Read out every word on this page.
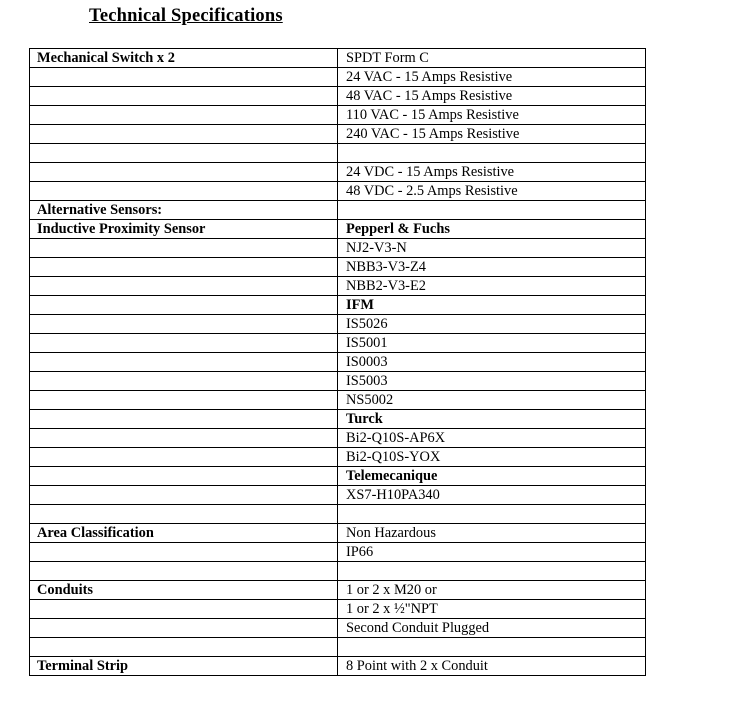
Technical Specifications
Mechanical Switch x 2	SPDT Form C
	24 VAC - 15 Amps Resistive
	48 VAC - 15 Amps Resistive
	110 VAC - 15 Amps Resistive
	240 VAC - 15 Amps Resistive

	24 VDC - 15 Amps Resistive
	48 VDC - 2.5 Amps Resistive
Alternative Sensors:	
Inductive Proximity Sensor	Pepperl & Fuchs
	NJ2-V3-N
	NBB3-V3-Z4
	NBB2-V3-E2
	IFM
	IS5026
	IS5001
	IS0003
	IS5003
	NS5002
	Turck
	Bi2-Q10S-AP6X
	Bi2-Q10S-YOX
	Telemecanique
	XS7-H10PA340

Area Classification	Non Hazardous
	IP66

Conduits	1 or 2 x M20 or
	1 or 2 x ½"NPT
	Second Conduit Plugged

Terminal Strip	8 Point with 2 x Conduit
